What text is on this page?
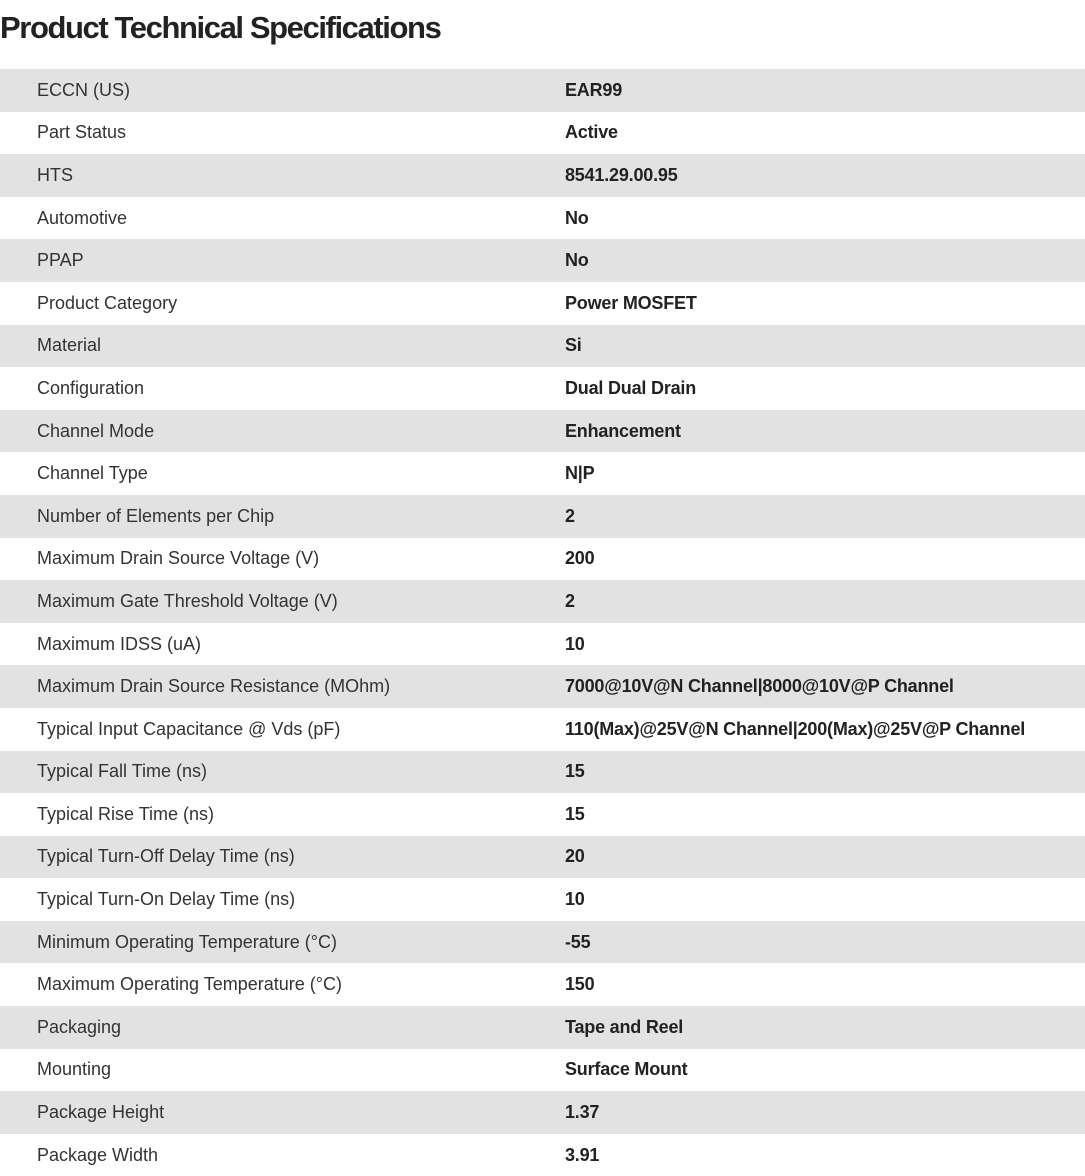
Product Technical Specifications
ECCN (US)	EAR99
Part Status	Active
HTS	8541.29.00.95
Automotive	No
PPAP	No
Product Category	Power MOSFET
Material	Si
Configuration	Dual Dual Drain
Channel Mode	Enhancement
Channel Type	N|P
Number of Elements per Chip	2
Maximum Drain Source Voltage (V)	200
Maximum Gate Threshold Voltage (V)	2
Maximum IDSS (uA)	10
Maximum Drain Source Resistance (MOhm)	7000@10V@N Channel|8000@10V@P Channel
Typical Input Capacitance @ Vds (pF)	110(Max)@25V@N Channel|200(Max)@25V@P Channel
Typical Fall Time (ns)	15
Typical Rise Time (ns)	15
Typical Turn-Off Delay Time (ns)	20
Typical Turn-On Delay Time (ns)	10
Minimum Operating Temperature (°C)	-55
Maximum Operating Temperature (°C)	150
Packaging	Tape and Reel
Mounting	Surface Mount
Package Height	1.37
Package Width	3.91
